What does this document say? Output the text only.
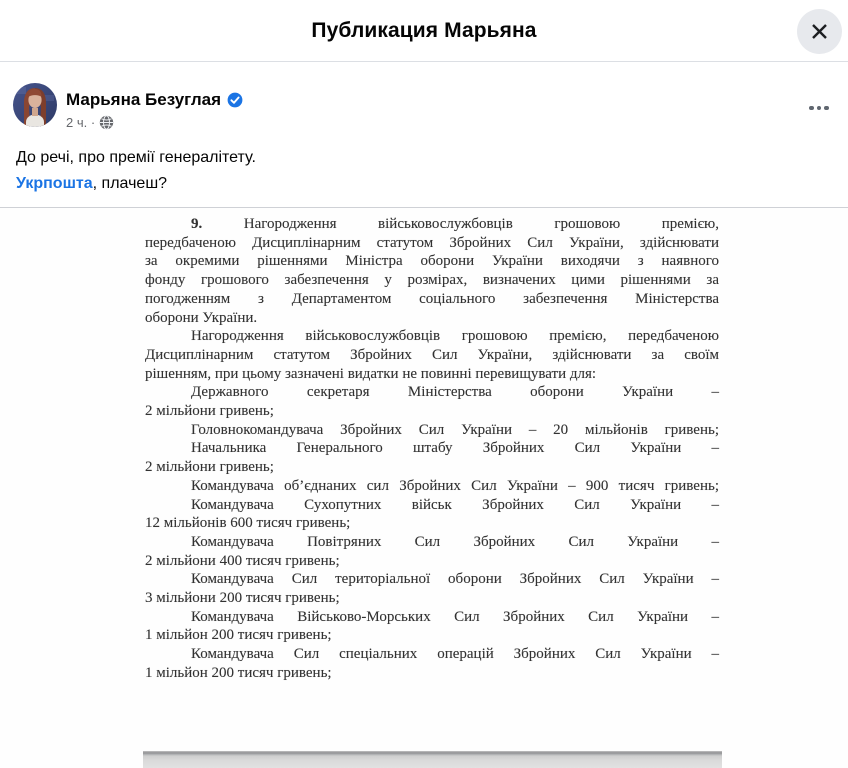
Публикация Марьяна
Марьяна Безуглая
2 ч. ·
До речі, про премії генералітету.
Укрпошта, плачеш?
9. Нагородження військовослужбовців грошовою премією,
передбаченою Дисциплінарним статутом Збройних Сил України, здійснювати
за окремими рішеннями Міністра оборони України виходячи з наявного
фонду грошового забезпечення у розмірах, визначених цими рішеннями за
погодженням з Департаментом соціального забезпечення Міністерства
оборони України.
Нагородження військовослужбовців грошовою премією, передбаченою
Дисциплінарним статутом Збройних Сил України, здійснювати за своїм
рішенням, при цьому зазначені видатки не повинні перевищувати для:
Державного секретаря Міністерства оборони України –
2 мільйони гривень;
Головнокомандувача Збройних Сил України – 20 мільйонів гривень;
Начальника Генерального штабу Збройних Сил України –
2 мільйони гривень;
Командувача об’єднаних сил Збройних Сил України – 900 тисяч гривень;
Командувача Сухопутних військ Збройних Сил України –
12 мільйонів 600 тисяч гривень;
Командувача Повітряних Сил Збройних Сил України –
2 мільйони 400 тисяч гривень;
Командувача Сил територіальної оборони Збройних Сил України –
3 мільйони 200 тисяч гривень;
Командувача Військово-Морських Сил Збройних Сил України –
1 мільйон 200 тисяч гривень;
Командувача Сил спеціальних операцій Збройних Сил України –
1 мільйон 200 тисяч гривень;
